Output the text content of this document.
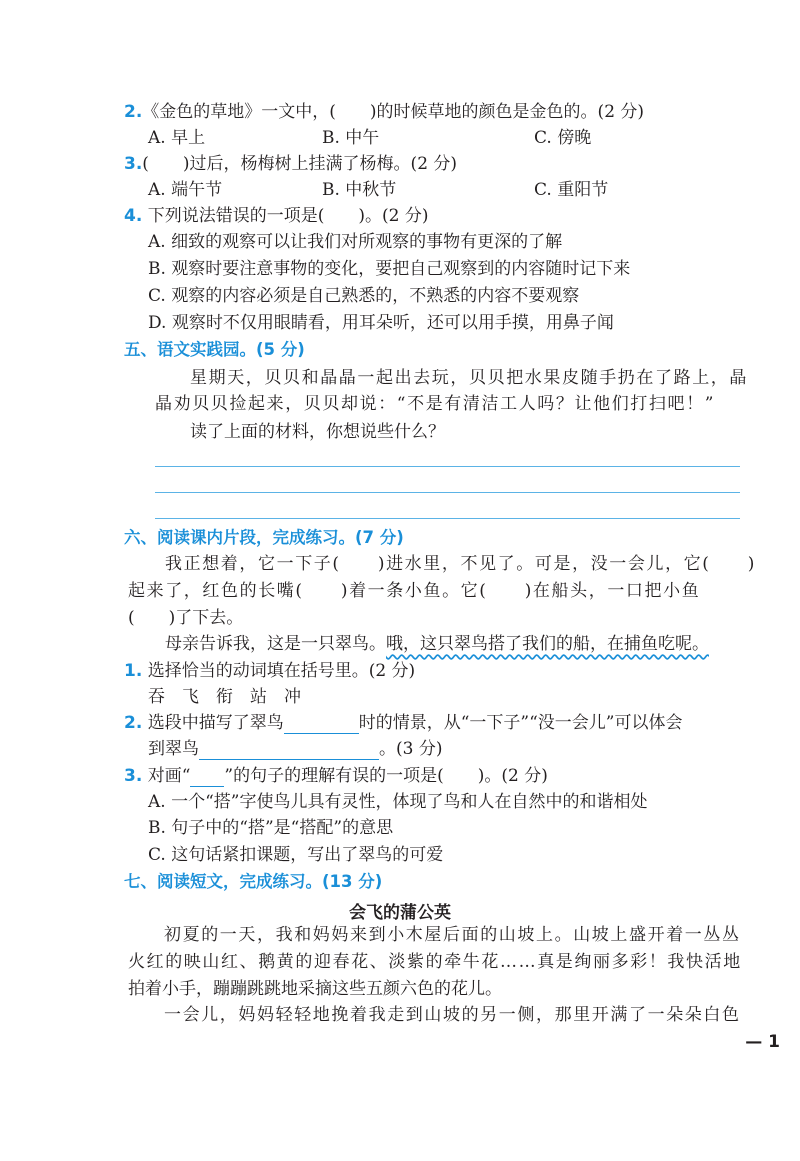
2.《金色的草地》一文中，(　　)的时候草地的颜色是金色的。(2 分)
A. 早上	B. 中午	C. 傍晚
3.(　　)过后，杨梅树上挂满了杨梅。(2 分)
A. 端午节	B. 中秋节	C. 重阳节
4. 下列说法错误的一项是(　　)。(2 分)
A. 细致的观察可以让我们对所观察的事物有更深的了解
B. 观察时要注意事物的变化，要把自己观察到的内容随时记下来
C. 观察的内容必须是自己熟悉的，不熟悉的内容不要观察
D. 观察时不仅用眼睛看，用耳朵听，还可以用手摸，用鼻子闻
五、语文实践园。(5 分)
星期天，贝贝和晶晶一起出去玩，贝贝把水果皮随手扔在了路上，晶
晶劝贝贝捡起来，贝贝却说：“不是有清洁工人吗？让他们打扫吧！”
读了上面的材料，你想说些什么？
六、阅读课内片段，完成练习。(7 分)
我正想着，它一下子(　　)进水里，不见了。可是，没一会儿，它(　　)
起来了，红色的长嘴(　　)着一条小鱼。它(　　)在船头，一口把小鱼
(　　)了下去。
母亲告诉我，这是一只翠鸟。哦，这只翠鸟搭了我们的船，在捕鱼吃呢。
1. 选择恰当的动词填在括号里。(2 分)
吞　飞　衔　站　冲
2. 选段中描写了翠鸟	时的情景，从“一下子”“没一会儿”可以体会
到翠鸟	。(3 分)
3. 对画“ ”的句子的理解有误的一项是(　　)。(2 分)
A. 一个“搭”字使鸟儿具有灵性，体现了鸟和人在自然中的和谐相处
B. 句子中的“搭”是“搭配”的意思
C. 这句话紧扣课题，写出了翠鸟的可爱
七、阅读短文，完成练习。(13 分)
会飞的蒲公英
初夏的一天，我和妈妈来到小木屋后面的山坡上。山坡上盛开着一丛丛
火红的映山红、鹅黄的迎春花、淡紫的牵牛花……真是绚丽多彩！我快活地
拍着小手，蹦蹦跳跳地采摘这些五颜六色的花儿。
一会儿，妈妈轻轻地挽着我走到山坡的另一侧，那里开满了一朵朵白色
— 1
